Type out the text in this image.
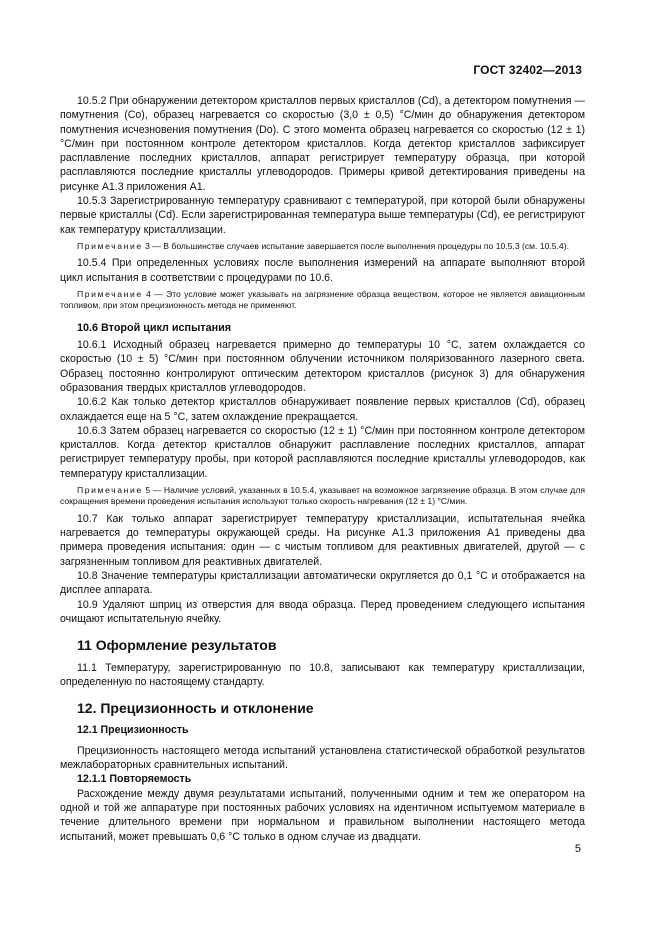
ГОСТ 32402—2013

10.5.2 При обнаружении детектором кристаллов первых кристаллов (Cd), а детектором помутнения — помутнения (Co), образец нагревается со скоростью (3,0 ± 0,5) °С/мин до обнаружения детектором помутнения исчезновения помутнения (Do). С этого момента образец нагревается со скоростью (12 ± 1) °С/мин при постоянном контроле детектором кристаллов. Когда детектор кристаллов зафиксирует расплавление последних кристаллов, аппарат регистрирует температуру образца, при которой расплавляются последние кристаллы углеводородов. Примеры кривой детектирования приведены на рисунке А1.3 приложения А1.

10.5.3 Зарегистрированную температуру сравнивают с температурой, при которой были обнаружены первые кристаллы (Cd). Если зарегистрированная температура выше температуры (Cd), ее регистрируют как температуру кристаллизации.

Примечание 3 — В большинстве случаев испытание завершается после выполнения процедуры по 10.5.3 (см. 10.5.4).

10.5.4 При определенных условиях после выполнения измерений на аппарате выполняют второй цикл испытания в соответствии с процедурами по 10.6.

Примечание 4 — Это условие может указывать на загрязнение образца веществом, которое не является авиационным топливом, при этом прецизионность метода не применяют.

10.6 Второй цикл испытания

10.6.1 Исходный образец нагревается примерно до температуры 10 °С, затем охлаждается со скоростью (10 ± 5) °С/мин при постоянном облучении источником поляризованного лазерного света. Образец постоянно контролируют оптическим детектором кристаллов (рисунок 3) для обнаружения образования твердых кристаллов углеводородов.

10.6.2 Как только детектор кристаллов обнаруживает появление первых кристаллов (Cd), образец охлаждается еще на 5 °С, затем охлаждение прекращается.

10.6.3 Затем образец нагревается со скоростью (12 ± 1) °С/мин при постоянном контроле детектором кристаллов. Когда детектор кристаллов обнаружит расплавление последних кристаллов, аппарат регистрирует температуру пробы, при которой расплавляются последние кристаллы углеводородов, как температуру кристаллизации.

Примечание 5 — Наличие условий, указанных в 10.5.4, указывает на возможное загрязнение образца. В этом случае для сокращения времени проведения испытания используют только скорость нагревания (12 ± 1) °С/мин.

10.7 Как только аппарат зарегистрирует температуру кристаллизации, испытательная ячейка нагревается до температуры окружающей среды. На рисунке А1.3 приложения А1 приведены два примера проведения испытания: один — с чистым топливом для реактивных двигателей, другой — с загрязненным топливом для реактивных двигателей.

10.8 Значение температуры кристаллизации автоматически округляется до 0,1 °С и отображается на дисплее аппарата.

10.9 Удаляют шприц из отверстия для ввода образца. Перед проведением следующего испытания очищают испытательную ячейку.

11 Оформление результатов

11.1 Температуру, зарегистрированную по 10.8, записывают как температуру кристаллизации, определенную по настоящему стандарту.

12. Прецизионность и отклонение
12.1 Прецизионность

Прецизионность настоящего метода испытаний установлена статистической обработкой результатов межлабораторных сравнительных испытаний.

12.1.1 Повторяемость

Расхождение между двумя результатами испытаний, полученными одним и тем же оператором на одной и той же аппаратуре при постоянных рабочих условиях на идентичном испытуемом материале в течение длительного времени при нормальном и правильном выполнении настоящего метода испытаний, может превышать 0,6 °С только в одном случае из двадцати.

5
